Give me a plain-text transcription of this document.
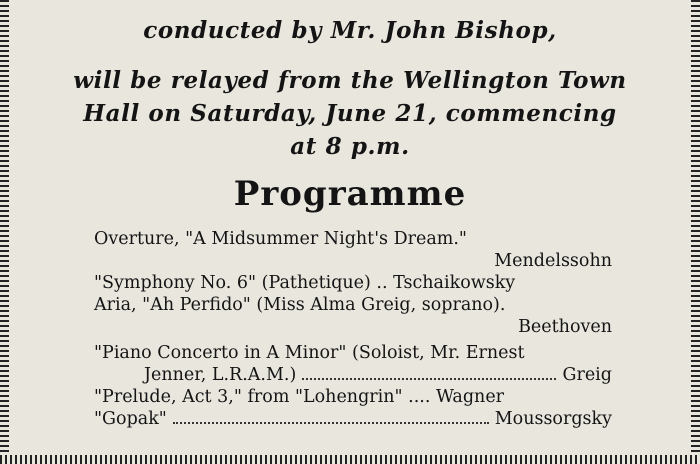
conducted by Mr. John Bishop,
will be relayed from the Wellington Town
Hall on Saturday, June 21, commencing
at 8 p.m.
Programme
Overture, "A Midsummer Night's Dream."
Mendelssohn
"Symphony No. 6" (Pathetique) .. Tschaikowsky
Aria, "Ah Perfido" (Miss Alma Greig, soprano).
Beethoven
"Piano Concerto in A Minor" (Soloist, Mr. Ernest
Jenner, L.R.A.M.)	Greig
"Prelude, Act 3," from "Lohengrin" .... Wagner
"Gopak"	Moussorgsky
